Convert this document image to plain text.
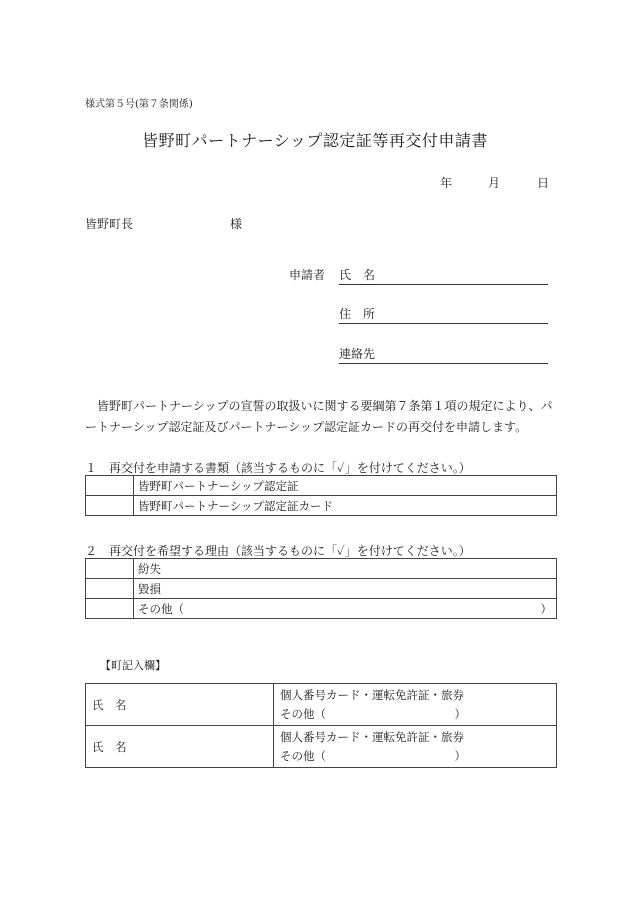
様式第５号(第７条関係)
皆野町パートナーシップ認定証等再交付申請書
年	月	日
皆野町長	様
申請者 氏　名
住　所
連絡先
皆野町パートナーシップの宣誓の取扱いに関する要綱第７条第１項の規定により、パートナーシップ認定証及びパートナーシップ認定証カードの再交付を申請します。
１　再交付を申請する書類（該当するものに「✓」を付けてください。）
	皆野町パートナーシップ認定証
	皆野町パートナーシップ認定証カード
２　再交付を希望する理由（該当するものに「✓」を付けてください。）
	紛失
	毀損

	その他（ ）
【町記入欄】
氏　名	個人番号カード・運転免許証・旅券
その他（ ）

氏　名	個人番号カード・運転免許証・旅券
その他（ ）
